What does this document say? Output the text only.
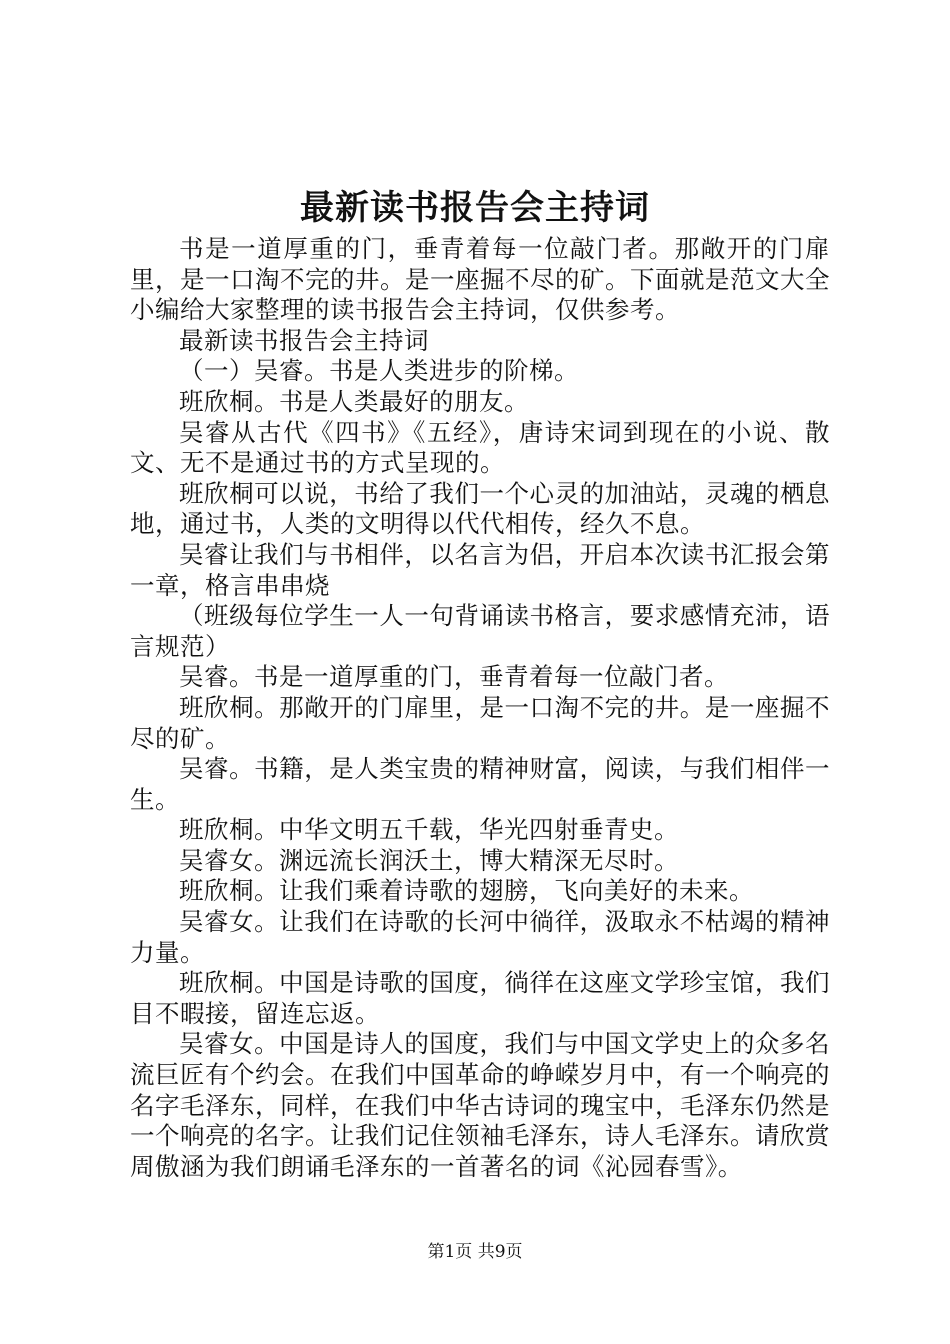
最新读书报告会主持词

书是一道厚重的门，垂青着每一位敲门者。那敞开的门扉里，是一口淘不完的井。是一座掘不尽的矿。下面就是范文大全小编给大家整理的读书报告会主持词，仅供参考。

最新读书报告会主持词

（一）吴睿。书是人类进步的阶梯。

班欣桐。书是人类最好的朋友。

吴睿从古代《四书》《五经》，唐诗宋词到现在的小说、散文、无不是通过书的方式呈现的。

班欣桐可以说，书给了我们一个心灵的加油站，灵魂的栖息地，通过书，人类的文明得以代代相传，经久不息。

吴睿让我们与书相伴，以名言为侣，开启本次读书汇报会第一章，格言串串烧

（班级每位学生一人一句背诵读书格言，要求感情充沛，语言规范）

吴睿。书是一道厚重的门，垂青着每一位敲门者。

班欣桐。那敞开的门扉里，是一口淘不完的井。是一座掘不尽的矿。

吴睿。书籍，是人类宝贵的精神财富，阅读，与我们相伴一生。

班欣桐。中华文明五千载，华光四射垂青史。

吴睿女。渊远流长润沃土，博大精深无尽时。

班欣桐。让我们乘着诗歌的翅膀，飞向美好的未来。

吴睿女。让我们在诗歌的长河中徜徉，汲取永不枯竭的精神力量。

班欣桐。中国是诗歌的国度，徜徉在这座文学珍宝馆，我们目不暇接，留连忘返。

吴睿女。中国是诗人的国度，我们与中国文学史上的众多名流巨匠有个约会。在我们中国革命的峥嵘岁月中，有一个响亮的名字毛泽东，同样，在我们中华古诗词的瑰宝中，毛泽东仍然是一个响亮的名字。让我们记住领袖毛泽东，诗人毛泽东。请欣赏周傲涵为我们朗诵毛泽东的一首著名的词《沁园春雪》。

第1页 共9页
